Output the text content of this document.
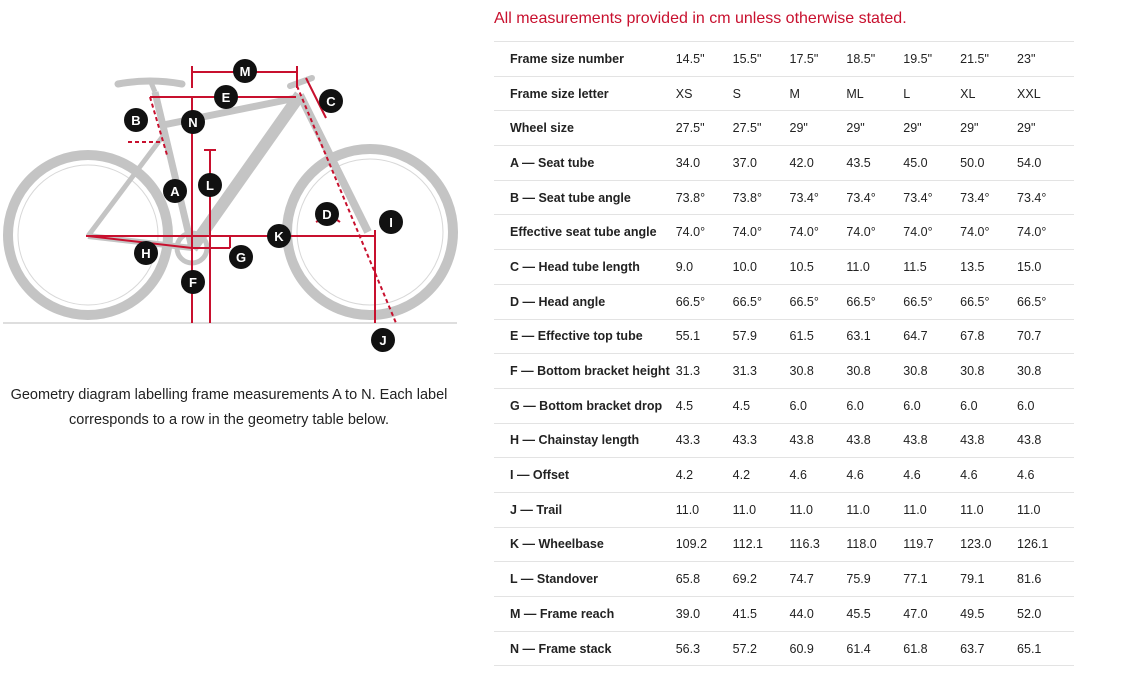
M
E	C
B	N
L
A
D
I
K
H	G
F
J
Geometry diagram labelling frame measurements A to N. Each label corresponds to a row in the geometry table below.
All measurements provided in cm unless otherwise stated.
Frame size number	14.5"	15.5"	17.5"	18.5"	19.5"	21.5"	23"
Frame size letter	XS	S	M	ML	L	XL	XXL
Wheel size	27.5"	27.5"	29"	29"	29"	29"	29"
A — Seat tube	34.0	37.0	42.0	43.5	45.0	50.0	54.0
B — Seat tube angle	73.8°	73.8°	73.4°	73.4°	73.4°	73.4°	73.4°
Effective seat tube angle	74.0°	74.0°	74.0°	74.0°	74.0°	74.0°	74.0°
C — Head tube length	9.0	10.0	10.5	11.0	11.5	13.5	15.0
D — Head angle	66.5°	66.5°	66.5°	66.5°	66.5°	66.5°	66.5°
E — Effective top tube	55.1	57.9	61.5	63.1	64.7	67.8	70.7
F — Bottom bracket height	31.3	31.3	30.8	30.8	30.8	30.8	30.8
G — Bottom bracket drop	4.5	4.5	6.0	6.0	6.0	6.0	6.0
H — Chainstay length	43.3	43.3	43.8	43.8	43.8	43.8	43.8
I — Offset	4.2	4.2	4.6	4.6	4.6	4.6	4.6
J — Trail	11.0	11.0	11.0	11.0	11.0	11.0	11.0
K — Wheelbase	109.2	112.1	116.3	118.0	119.7	123.0	126.1
L — Standover	65.8	69.2	74.7	75.9	77.1	79.1	81.6
M — Frame reach	39.0	41.5	44.0	45.5	47.0	49.5	52.0
N — Frame stack	56.3	57.2	60.9	61.4	61.8	63.7	65.1
